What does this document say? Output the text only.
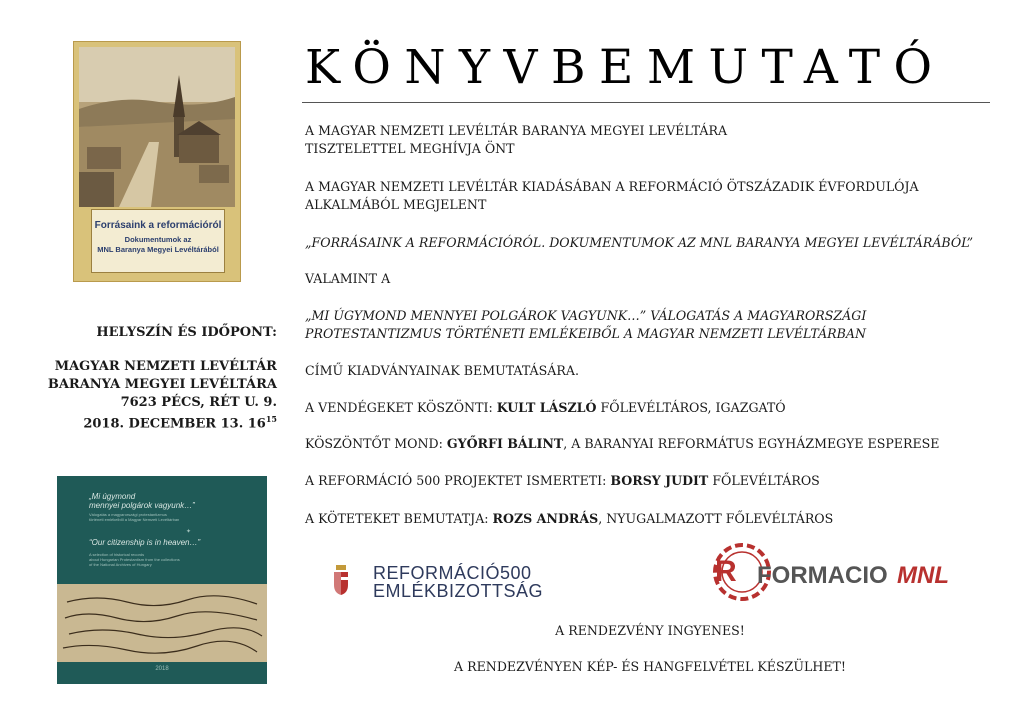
Forrásaink a reformációról
Dokumentumok az
MNL Baranya Megyei Levéltárából
HELYSZÍN ÉS IDŐPONT:
MAGYAR NEMZETI LEVÉLTÁR
BARANYA MEGYEI LEVÉLTÁRA
7623 PÉCS, RÉT U. 9.
2018. DECEMBER 13. $16^{15}$
„Mi úgymond
mennyei polgárok vagyunk…”
Válogatás a magyarországi protestantizmus
történeti emlékeiből a Magyar Nemzeti Levéltárban
✦
“Our citizenship is in heaven…”
A selection of historical records
about Hungarian Protestantism from the collections
of the National Archives of Hungary
2018
KÖNYVBEMUTATÓ
A MAGYAR NEMZETI LEVÉLTÁR BARANYA MEGYEI LEVÉLTÁRA
TISZTELETTEL MEGHÍVJA ÖNT
A MAGYAR NEMZETI LEVÉLTÁR KIADÁSÁBAN A REFORMÁCIÓ ÖTSZÁZADIK ÉVFORDULÓJA
ALKALMÁBÓL MEGJELENT
„FORRÁSAINK A REFORMÁCIÓRÓL. DOKUMENTUMOK AZ MNL BARANYA MEGYEI LEVÉLTÁRÁBÓL”
VALAMINT A
„MI ÚGYMOND MENNYEI POLGÁROK VAGYUNK…” VÁLOGATÁS A MAGYARORSZÁGI
PROTESTANTIZMUS TÖRTÉNETI EMLÉKEIBŐL A MAGYAR NEMZETI LEVÉLTÁRBAN
CÍMŰ KIADVÁNYAINAK BEMUTATÁSÁRA.
A VENDÉGEKET KÖSZÖNTI: KULT LÁSZLÓ FŐLEVÉLTÁROS, IGAZGATÓ
KÖSZÖNTŐT MOND: GYŐRFI BÁLINT, A BARANYAI REFORMÁTUS EGYHÁZMEGYE ESPERESE
A REFORMÁCIÓ 500 PROJEKTET ISMERTETI: BORSY JUDIT FŐLEVÉLTÁROS
A KÖTETEKET BEMUTATJA: ROZS ANDRÁS, NYUGALMAZOTT FŐLEVÉLTÁROS
REFORMÁCIÓ500
EMLÉKBIZOTTSÁG
R FORMACIO MNL
A RENDEZVÉNY INGYENES!
A RENDEZVÉNYEN KÉP- ÉS HANGFELVÉTEL KÉSZÜLHET!
